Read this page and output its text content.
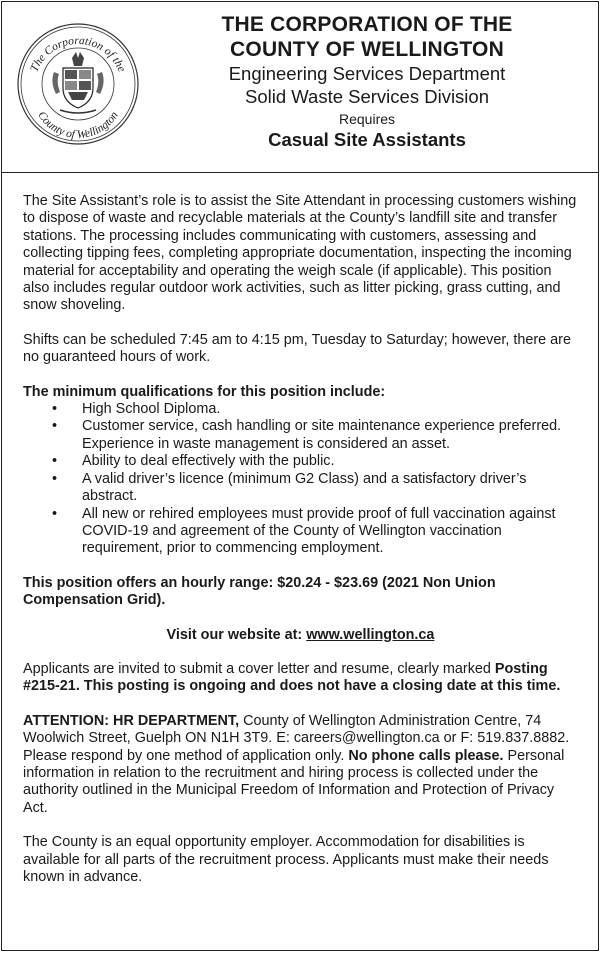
The Corporation of the
County of Wellington

THE CORPORATION OF THE

COUNTY OF WELLINGTON

Engineering Services Department

Solid Waste Services Division

Requires

Casual Site Assistants

The Site Assistant’s role is to assist the Site Attendant in processing customers wishing to dispose of waste and recyclable materials at the County’s landfill site and transfer stations. The processing includes communicating with customers, assessing and collecting tipping fees, completing appropriate documentation, inspecting the incoming material for acceptability and operating the weigh scale (if applicable). This position also includes regular outdoor work activities, such as litter picking, grass cutting, and snow shoveling.

Shifts can be scheduled 7:45 am to 4:15 pm, Tuesday to Saturday; however, there are no guaranteed hours of work.

The minimum qualifications for this position include:

• High School Diploma.
• Customer service, cash handling or site maintenance experience preferred. Experience in waste management is considered an asset.
• Ability to deal effectively with the public.
• A valid driver’s licence (minimum G2 Class) and a satisfactory driver’s abstract.
• All new or rehired employees must provide proof of full vaccination against COVID-19 and agreement of the County of Wellington vaccination requirement, prior to commencing employment.

This position offers an hourly range: $20.24 - $23.69 (2021 Non Union Compensation Grid).

Visit our website at: www.wellington.ca

Applicants are invited to submit a cover letter and resume, clearly marked Posting #215-21. This posting is ongoing and does not have a closing date at this time.

ATTENTION: HR DEPARTMENT, County of Wellington Administration Centre, 74 Woolwich Street, Guelph ON N1H 3T9. E: careers@wellington.ca or F: 519.837.8882. Please respond by one method of application only. No phone calls please. Personal information in relation to the recruitment and hiring process is collected under the authority outlined in the Municipal Freedom of Information and Protection of Privacy Act.

The County is an equal opportunity employer. Accommodation for disabilities is available for all parts of the recruitment process. Applicants must make their needs known in advance.
